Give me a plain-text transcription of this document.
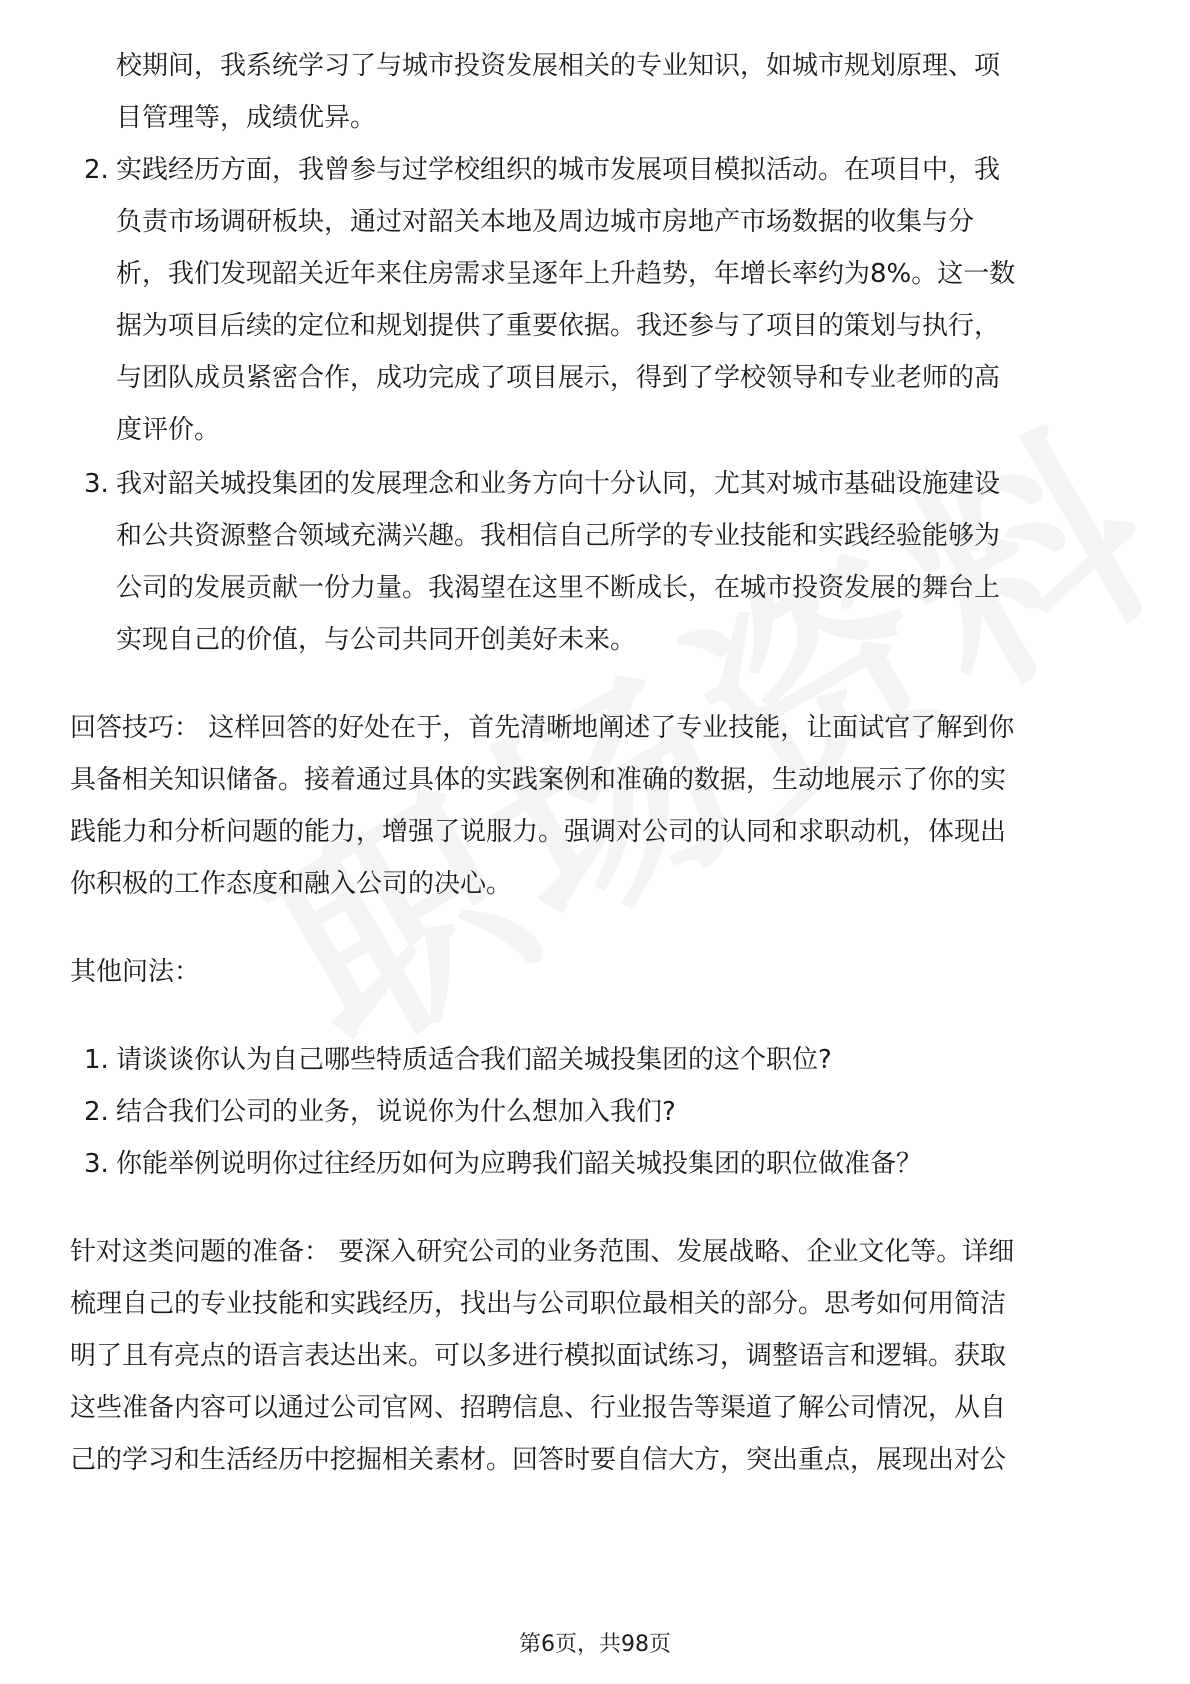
校期间，我系统学习了与城市投资发展相关的专业知识，如城市规划原理、项
目管理等，成绩优异。
2. 实践经历方面，我曾参与过学校组织的城市发展项目模拟活动。在项目中，我
负责市场调研板块，通过对韶关本地及周边城市房地产市场数据的收集与分
析，我们发现韶关近年来住房需求呈逐年上升趋势，年增长率约为8%。这一数
据为项目后续的定位和规划提供了重要依据。我还参与了项目的策划与执行，
与团队成员紧密合作，成功完成了项目展示，得到了学校领导和专业老师的高
度评价。
3. 我对韶关城投集团的发展理念和业务方向十分认同，尤其对城市基础设施建设
和公共资源整合领域充满兴趣。我相信自己所学的专业技能和实践经验能够为
公司的发展贡献一份力量。我渴望在这里不断成长，在城市投资发展的舞台上
实现自己的价值，与公司共同开创美好未来。
回答技巧： 这样回答的好处在于，首先清晰地阐述了专业技能，让面试官了解到你
具备相关知识储备。接着通过具体的实践案例和准确的数据，生动地展示了你的实
践能力和分析问题的能力，增强了说服力。强调对公司的认同和求职动机，体现出
你积极的工作态度和融入公司的决心。
其他问法：
1. 请谈谈你认为自己哪些特质适合我们韶关城投集团的这个职位?
2. 结合我们公司的业务，说说你为什么想加入我们?
3. 你能举例说明你过往经历如何为应聘我们韶关城投集团的职位做准备？
针对这类问题的准备： 要深入研究公司的业务范围、发展战略、企业文化等。详细
梳理自己的专业技能和实践经历，找出与公司职位最相关的部分。思考如何用简洁
明了且有亮点的语言表达出来。可以多进行模拟面试练习，调整语言和逻辑。获取
这些准备内容可以通过公司官网、招聘信息、行业报告等渠道了解公司情况，从自
己的学习和生活经历中挖掘相关素材。回答时要自信大方，突出重点，展现出对公
第6页，共98页
